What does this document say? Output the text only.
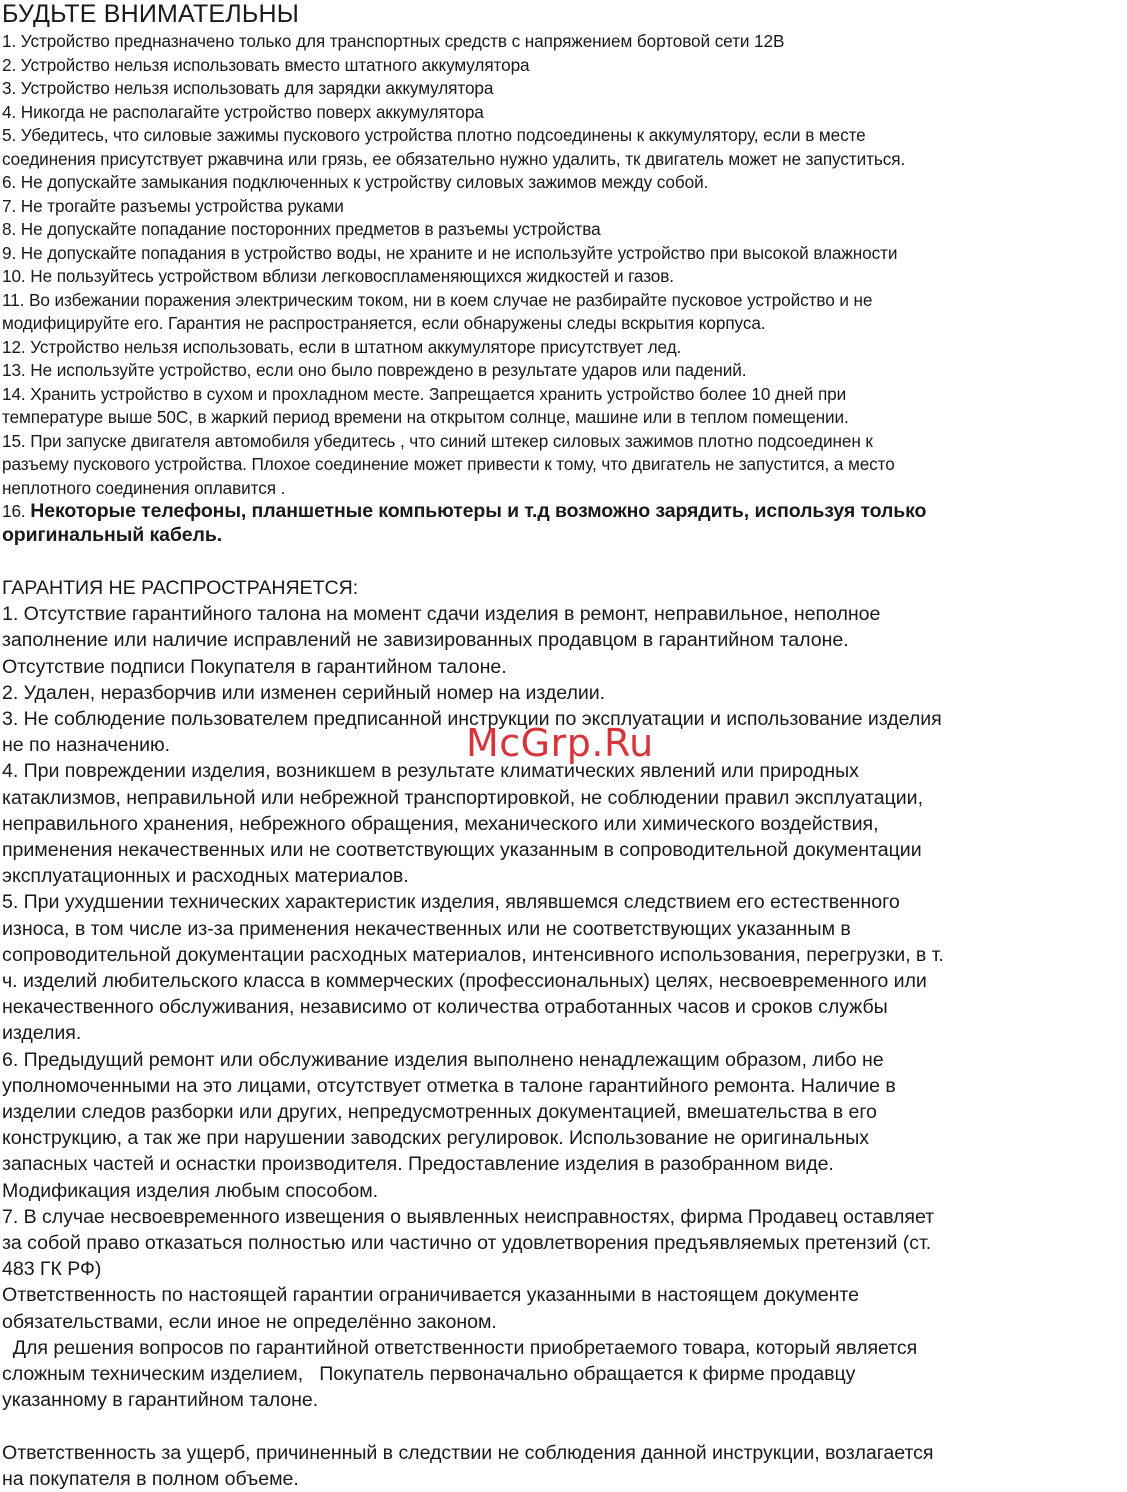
БУДЬТЕ ВНИМАТЕЛЬНЫ
1. Устройство предназначено только для транспортных средств с напряжением бортовой сети 12В
2. Устройство нельзя использовать вместо штатного аккумулятора
3. Устройство нельзя использовать для зарядки аккумулятора
4. Никогда не располагайте устройство поверх аккумулятора
5. Убедитесь, что силовые зажимы пускового устройства плотно подсоединены к аккумулятору, если в месте
соединения присутствует ржавчина или грязь, ее обязательно нужно удалить, тк двигатель может не запуститься.
6. Не допускайте замыкания подключенных к устройству силовых зажимов между собой.
7. Не трогайте разъемы устройства руками
8. Не допускайте попадание посторонних предметов в разъемы устройства
9. Не допускайте попадания в устройство воды, не храните и не используйте устройство при высокой влажности
10. Не пользуйтесь устройством вблизи легковоспламеняющихся жидкостей и газов.
11. Во избежании поражения электрическим током, ни в коем случае не разбирайте пусковое устройство и не
модифицируйте его. Гарантия не распространяется, если обнаружены следы вскрытия корпуса.
12. Устройство нельзя использовать, если в штатном аккумуляторе присутствует лед.
13. Не используйте устройство, если оно было повреждено в результате ударов или падений.
14. Хранить устройство в сухом и прохладном месте. Запрещается хранить устройство более 10 дней при
температуре выше 50С, в жаркий период времени на открытом солнце, машине или в теплом помещении.
15. При запуске двигателя автомобиля убедитесь , что синий штекер силовых зажимов плотно подсоединен к
разъему пускового устройства. Плохое соединение может привести к тому, что двигатель не запустится, а место
неплотного соединения оплавится .
16. Некоторые телефоны, планшетные компьютеры и т.д возможно зарядить, используя только
оригинальный кабель.
ГАРАНТИЯ НЕ РАСПРОСТРАНЯЕТСЯ:
1. Отсутствие гарантийного талона на момент сдачи изделия в ремонт, неправильное, неполное
заполнение или наличие исправлений не завизированных продавцом в гарантийном талоне.
Отсутствие подписи Покупателя в гарантийном талоне.
2. Удален, неразборчив или изменен серийный номер на изделии.
3. Не соблюдение пользователем предписанной инструкции по эксплуатации и использование изделия
не по назначению.
4. При повреждении изделия, возникшем в результате климатических явлений или природных
катаклизмов, неправильной или небрежной транспортировкой, не соблюдении правил эксплуатации,
неправильного хранения, небрежного обращения, механического или химического воздействия,
применения некачественных или не соответствующих указанным в сопроводительной документации
эксплуатационных и расходных материалов.
5. При ухудшении технических характеристик изделия, являвшемся следствием его естественного
износа, в том числе из-за применения некачественных или не соответствующих указанным в
сопроводительной документации расходных материалов, интенсивного использования, перегрузки, в т.
ч. изделий любительского класса в коммерческих (профессиональных) целях, несвоевременного или
некачественного обслуживания, независимо от количества отработанных часов и сроков службы
изделия.
6. Предыдущий ремонт или обслуживание изделия выполнено ненадлежащим образом, либо не
уполномоченными на это лицами, отсутствует отметка в талоне гарантийного ремонта. Наличие в
изделии следов разборки или других, непредусмотренных документацией, вмешательства в его
конструкцию, а так же при нарушении заводских регулировок. Использование не оригинальных
запасных частей и оснастки производителя. Предоставление изделия в разобранном виде.
Модификация изделия любым способом.
7. В случае несвоевременного извещения о выявленных неисправностях, фирма Продавец оставляет
за собой право отказаться полностью или частично от удовлетворения предъявляемых претензий (ст.
483 ГК РФ)
Ответственность по настоящей гарантии ограничивается указанными в настоящем документе
обязательствами, если иное не определённо законом.
Для решения вопросов по гарантийной ответственности приобретаемого товара, который является
сложным техническим изделием,   Покупатель первоначально обращается к фирме продавцу
указанному в гарантийном талоне.
Ответственность за ущерб, причиненный в следствии не соблюдения данной инструкции, возлагается
на покупателя в полном объеме.
McGrp.Ru
